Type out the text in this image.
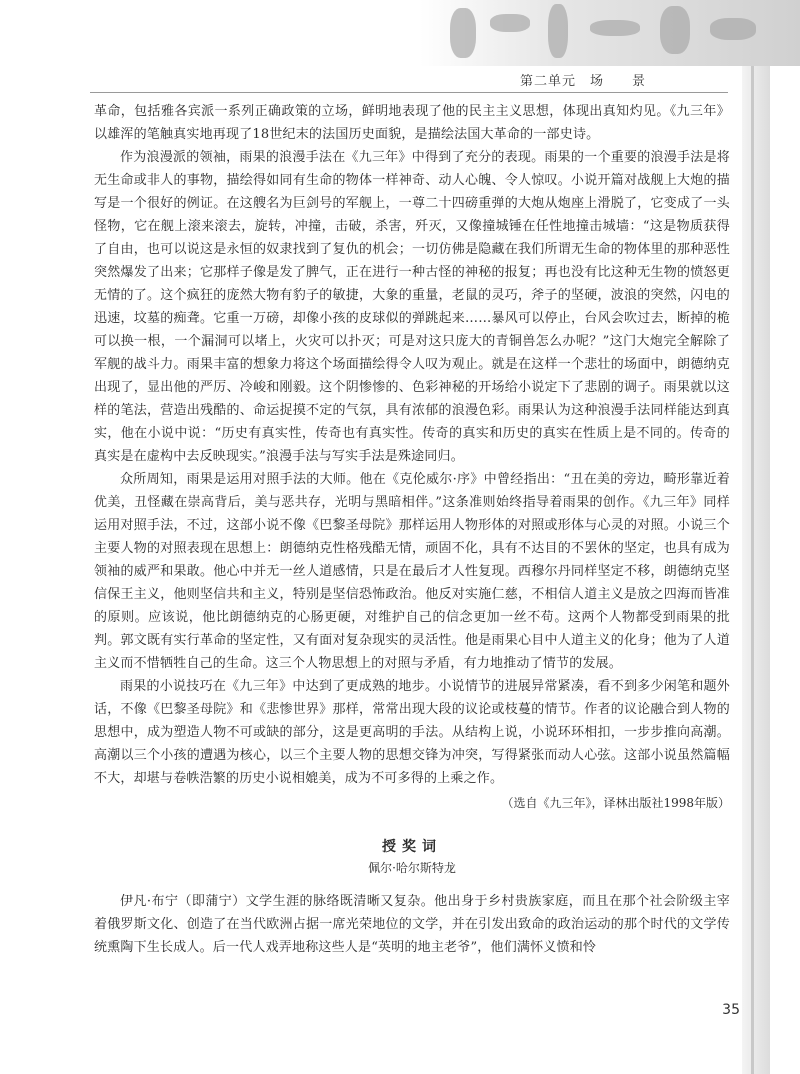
第二单元　场　　景

革命，包括雅各宾派一系列正确政策的立场，鲜明地表现了他的民主主义思想，体现出真知灼见。《九三年》以雄浑的笔触真实地再现了18世纪末的法国历史面貌，是描绘法国大革命的一部史诗。

作为浪漫派的领袖，雨果的浪漫手法在《九三年》中得到了充分的表现。雨果的一个重要的浪漫手法是将无生命或非人的事物，描绘得如同有生命的物体一样神奇、动人心魄、令人惊叹。小说开篇对战舰上大炮的描写是一个很好的例证。在这艘名为巨剑号的军舰上，一尊二十四磅重弹的大炮从炮座上滑脱了，它变成了一头怪物，它在舰上滚来滚去，旋转，冲撞，击破，杀害，歼灭，又像撞城锤在任性地撞击城墙：“这是物质获得了自由，也可以说这是永恒的奴隶找到了复仇的机会；一切仿佛是隐藏在我们所谓无生命的物体里的那种恶性突然爆发了出来；它那样子像是发了脾气，正在进行一种古怪的神秘的报复；再也没有比这种无生物的愤怒更无情的了。这个疯狂的庞然大物有豹子的敏捷，大象的重量，老鼠的灵巧，斧子的坚硬，波浪的突然，闪电的迅速，坟墓的痴聋。它重一万磅，却像小孩的皮球似的弹跳起来……暴风可以停止，台风会吹过去，断掉的桅可以换一根，一个漏洞可以堵上，火灾可以扑灭；可是对这只庞大的青铜兽怎么办呢？”这门大炮完全解除了军舰的战斗力。雨果丰富的想象力将这个场面描绘得令人叹为观止。就是在这样一个悲壮的场面中，朗德纳克出现了，显出他的严厉、冷峻和刚毅。这个阴惨惨的、色彩神秘的开场给小说定下了悲剧的调子。雨果就以这样的笔法，营造出残酷的、命运捉摸不定的气氛，具有浓郁的浪漫色彩。雨果认为这种浪漫手法同样能达到真实，他在小说中说：“历史有真实性，传奇也有真实性。传奇的真实和历史的真实在性质上是不同的。传奇的真实是在虚构中去反映现实。”浪漫手法与写实手法是殊途同归。

众所周知，雨果是运用对照手法的大师。他在《克伦威尔·序》中曾经指出：“丑在美的旁边，畸形靠近着优美，丑怪藏在崇高背后，美与恶共存，光明与黑暗相伴。”这条准则始终指导着雨果的创作。《九三年》同样运用对照手法，不过，这部小说不像《巴黎圣母院》那样运用人物形体的对照或形体与心灵的对照。小说三个主要人物的对照表现在思想上：朗德纳克性格残酷无情，顽固不化，具有不达目的不罢休的坚定，也具有成为领袖的威严和果敢。他心中并无一丝人道感情，只是在最后才人性复现。西穆尔丹同样坚定不移，朗德纳克坚信保王主义，他则坚信共和主义，特别是坚信恐怖政治。他反对实施仁慈，不相信人道主义是放之四海而皆准的原则。应该说，他比朗德纳克的心肠更硬，对维护自己的信念更加一丝不苟。这两个人物都受到雨果的批判。郭文既有实行革命的坚定性，又有面对复杂现实的灵活性。他是雨果心目中人道主义的化身；他为了人道主义而不惜牺牲自己的生命。这三个人物思想上的对照与矛盾，有力地推动了情节的发展。

雨果的小说技巧在《九三年》中达到了更成熟的地步。小说情节的进展异常紧凑，看不到多少闲笔和题外话，不像《巴黎圣母院》和《悲惨世界》那样，常常出现大段的议论或枝蔓的情节。作者的议论融合到人物的思想中，成为塑造人物不可或缺的部分，这是更高明的手法。从结构上说，小说环环相扣，一步步推向高潮。高潮以三个小孩的遭遇为核心，以三个主要人物的思想交锋为冲突，写得紧张而动人心弦。这部小说虽然篇幅不大，却堪与卷帙浩繁的历史小说相媲美，成为不可多得的上乘之作。

（选自《九三年》，译林出版社1998年版）

授奖词

佩尔·哈尔斯特龙

伊凡·布宁（即蒲宁）文学生涯的脉络既清晰又复杂。他出身于乡村贵族家庭，而且在那个社会阶级主宰着俄罗斯文化、创造了在当代欧洲占据一席光荣地位的文学，并在引发出致命的政治运动的那个时代的文学传统熏陶下生长成人。后一代人戏弄地称这些人是“英明的地主老爷”，他们满怀义愤和怜

35
